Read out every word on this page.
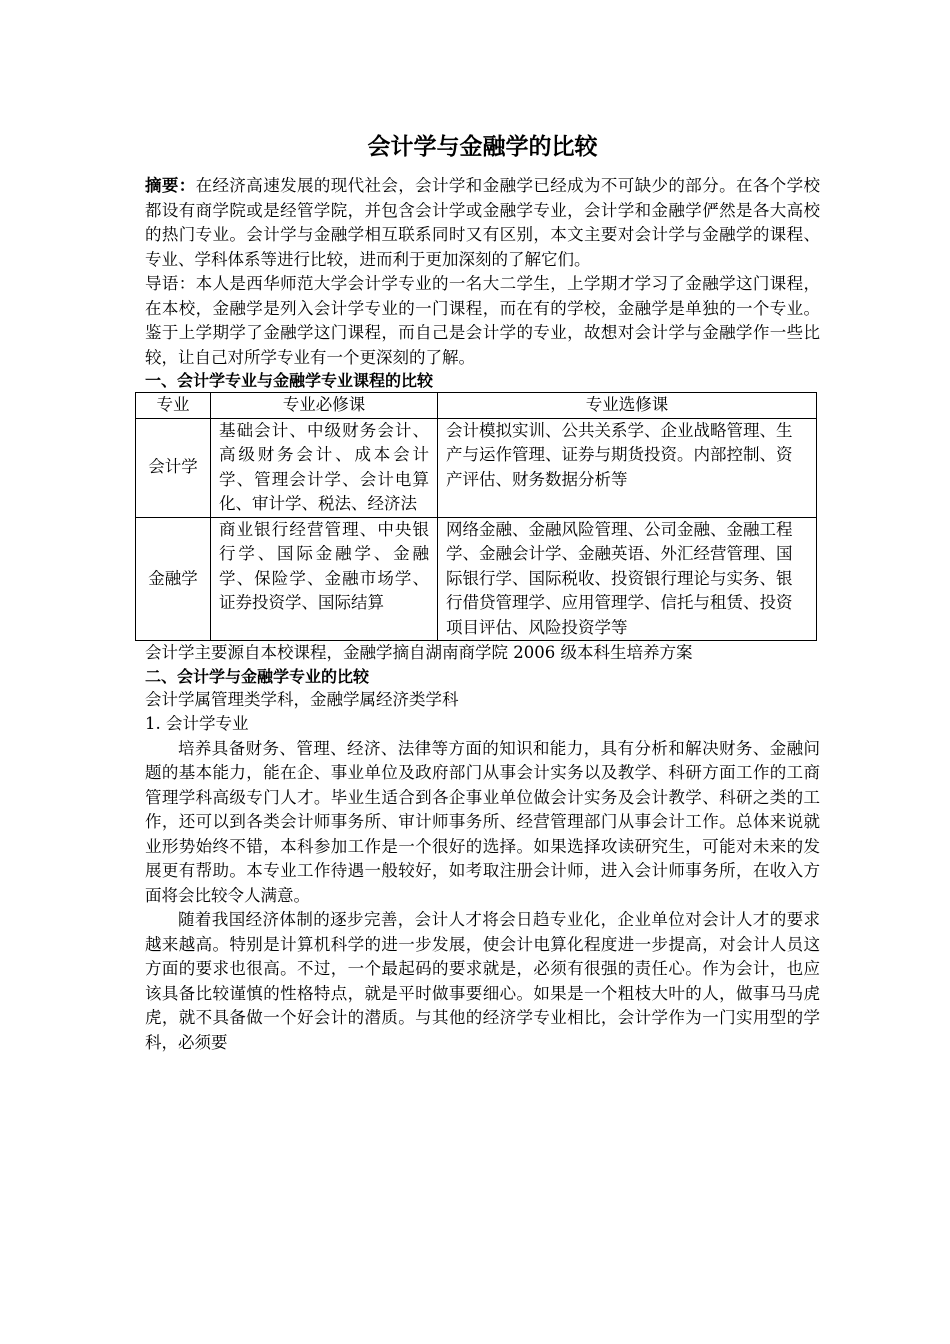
会计学与金融学的比较

摘要：在经济高速发展的现代社会，会计学和金融学已经成为不可缺少的部分。在各个学校都设有商学院或是经管学院，并包含会计学或金融学专业，会计学和金融学俨然是各大高校的热门专业。会计学与金融学相互联系同时又有区别，本文主要对会计学与金融学的课程、专业、学科体系等进行比较，进而利于更加深刻的了解它们。

导语：本人是西华师范大学会计学专业的一名大二学生，上学期才学习了金融学这门课程，在本校，金融学是列入会计学专业的一门课程，而在有的学校，金融学是单独的一个专业。鉴于上学期学了金融学这门课程，而自己是会计学的专业，故想对会计学与金融学作一些比较，让自己对所学专业有一个更深刻的了解。

一、会计学专业与金融学专业课程的比较

专业	专业必修课	专业选修课
会计学	基础会计、中级财务会计、高级财务会计、成本会计学、管理会计学、会计电算化、审计学、税法、经济法	会计模拟实训、公共关系学、企业战略管理、生产与运作管理、证券与期货投资。内部控制、资产评估、财务数据分析等
金融学	商业银行经营管理、中央银行学、国际金融学、金融学、保险学、金融市场学、证券投资学、国际结算	网络金融、金融风险管理、公司金融、金融工程学、金融会计学、金融英语、外汇经营管理、国际银行学、国际税收、投资银行理论与实务、银行借贷管理学、应用管理学、信托与租赁、投资项目评估、风险投资学等

会计学主要源自本校课程，金融学摘自湖南商学院 2006 级本科生培养方案

二、会计学与金融学专业的比较

会计学属管理类学科，金融学属经济类学科

1. 会计学专业

培养具备财务、管理、经济、法律等方面的知识和能力，具有分析和解决财务、金融问题的基本能力，能在企、事业单位及政府部门从事会计实务以及教学、科研方面工作的工商管理学科高级专门人才。毕业生适合到各企事业单位做会计实务及会计教学、科研之类的工作，还可以到各类会计师事务所、审计师事务所、经营管理部门从事会计工作。总体来说就业形势始终不错，本科参加工作是一个很好的选择。如果选择攻读研究生，可能对未来的发展更有帮助。本专业工作待遇一般较好，如考取注册会计师，进入会计师事务所，在收入方面将会比较令人满意。

随着我国经济体制的逐步完善，会计人才将会日趋专业化，企业单位对会计人才的要求越来越高。特别是计算机科学的进一步发展，使会计电算化程度进一步提高，对会计人员这方面的要求也很高。不过，一个最起码的要求就是，必须有很强的责任心。作为会计，也应该具备比较谨慎的性格特点，就是平时做事要细心。如果是一个粗枝大叶的人，做事马马虎虎，就不具备做一个好会计的潜质。与其他的经济学专业相比，会计学作为一门实用型的学科，必须要
